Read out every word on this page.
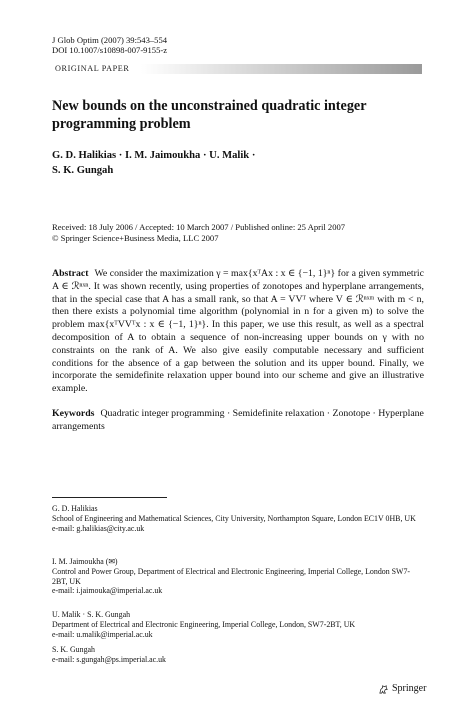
J Glob Optim (2007) 39:543–554
DOI 10.1007/s10898-007-9155-z
ORIGINAL PAPER
New bounds on the unconstrained quadratic integer programming problem
G. D. Halikias · I. M. Jaimoukha · U. Malik ·
S. K. Gungah
Received: 18 July 2006 / Accepted: 10 March 2007 / Published online: 25 April 2007
© Springer Science+Business Media, LLC 2007
Abstract We consider the maximization γ = max{xᵀAx : x ∈ {−1, 1}ⁿ} for a given symmetric A ∈ ℛⁿˣⁿ. It was shown recently, using properties of zonotopes and hyperplane arrangements, that in the special case that A has a small rank, so that A = VVᵀ where V ∈ ℛⁿˣᵐ with m < n, then there exists a polynomial time algorithm (polynomial in n for a given m) to solve the problem max{xᵀVVᵀx : x ∈ {−1, 1}ⁿ}. In this paper, we use this result, as well as a spectral decomposition of A to obtain a sequence of non-increasing upper bounds on γ with no constraints on the rank of A. We also give easily computable necessary and sufficient conditions for the absence of a gap between the solution and its upper bound. Finally, we incorporate the semidefinite relaxation upper bound into our scheme and give an illustrative example.
Keywords Quadratic integer programming · Semidefinite relaxation · Zonotope · Hyperplane arrangements
G. D. Halikias
School of Engineering and Mathematical Sciences, City University, Northampton Square, London EC1V 0HB, UK
e-mail: g.halikias@city.ac.uk
I. M. Jaimoukha (✉)
Control and Power Group, Department of Electrical and Electronic Engineering, Imperial College, London SW7-2BT, UK
e-mail: i.jaimouka@imperial.ac.uk
U. Malik · S. K. Gungah
Department of Electrical and Electronic Engineering, Imperial College, London, SW7-2BT, UK
e-mail: u.malik@imperial.ac.uk
S. K. Gungah
e-mail: s.gungah@ps.imperial.ac.uk
Springer
